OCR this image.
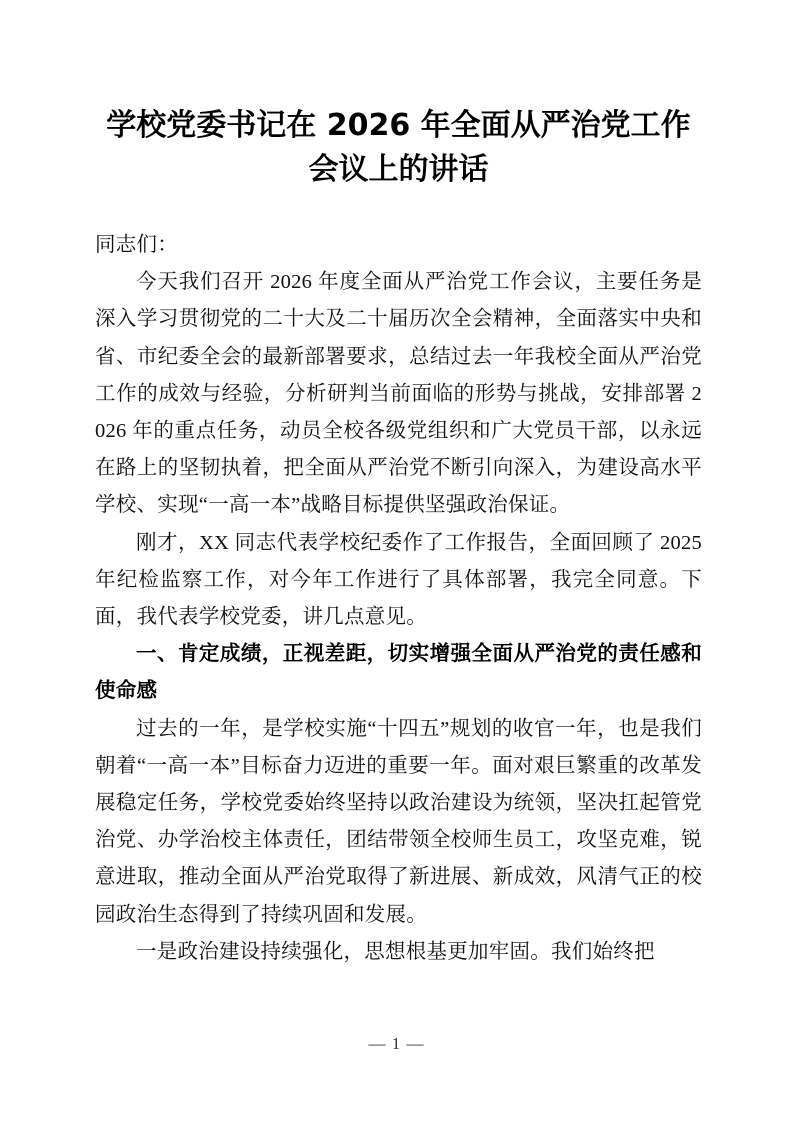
学校党委书记在 2026 年全面从严治党工作会议上的讲话

同志们：

今天我们召开 2026 年度全面从严治党工作会议，主要任务是深入学习贯彻党的二十大及二十届历次全会精神，全面落实中央和省、市纪委全会的最新部署要求，总结过去一年我校全面从严治党工作的成效与经验，分析研判当前面临的形势与挑战，安排部署 2026 年的重点任务，动员全校各级党组织和广大党员干部，以永远在路上的坚韧执着，把全面从严治党不断引向深入，为建设高水平学校、实现“一高一本”战略目标提供坚强政治保证。

刚才，XX 同志代表学校纪委作了工作报告，全面回顾了 2025 年纪检监察工作，对今年工作进行了具体部署，我完全同意。下面，我代表学校党委，讲几点意见。

一、肯定成绩，正视差距，切实增强全面从严治党的责任感和使命感

过去的一年，是学校实施“十四五”规划的收官一年，也是我们朝着“一高一本”目标奋力迈进的重要一年。面对艰巨繁重的改革发展稳定任务，学校党委始终坚持以政治建设为统领，坚决扛起管党治党、办学治校主体责任，团结带领全校师生员工，攻坚克难，锐意进取，推动全面从严治党取得了新进展、新成效，风清气正的校园政治生态得到了持续巩固和发展。

一是政治建设持续强化，思想根基更加牢固。我们始终把

— 1 —
